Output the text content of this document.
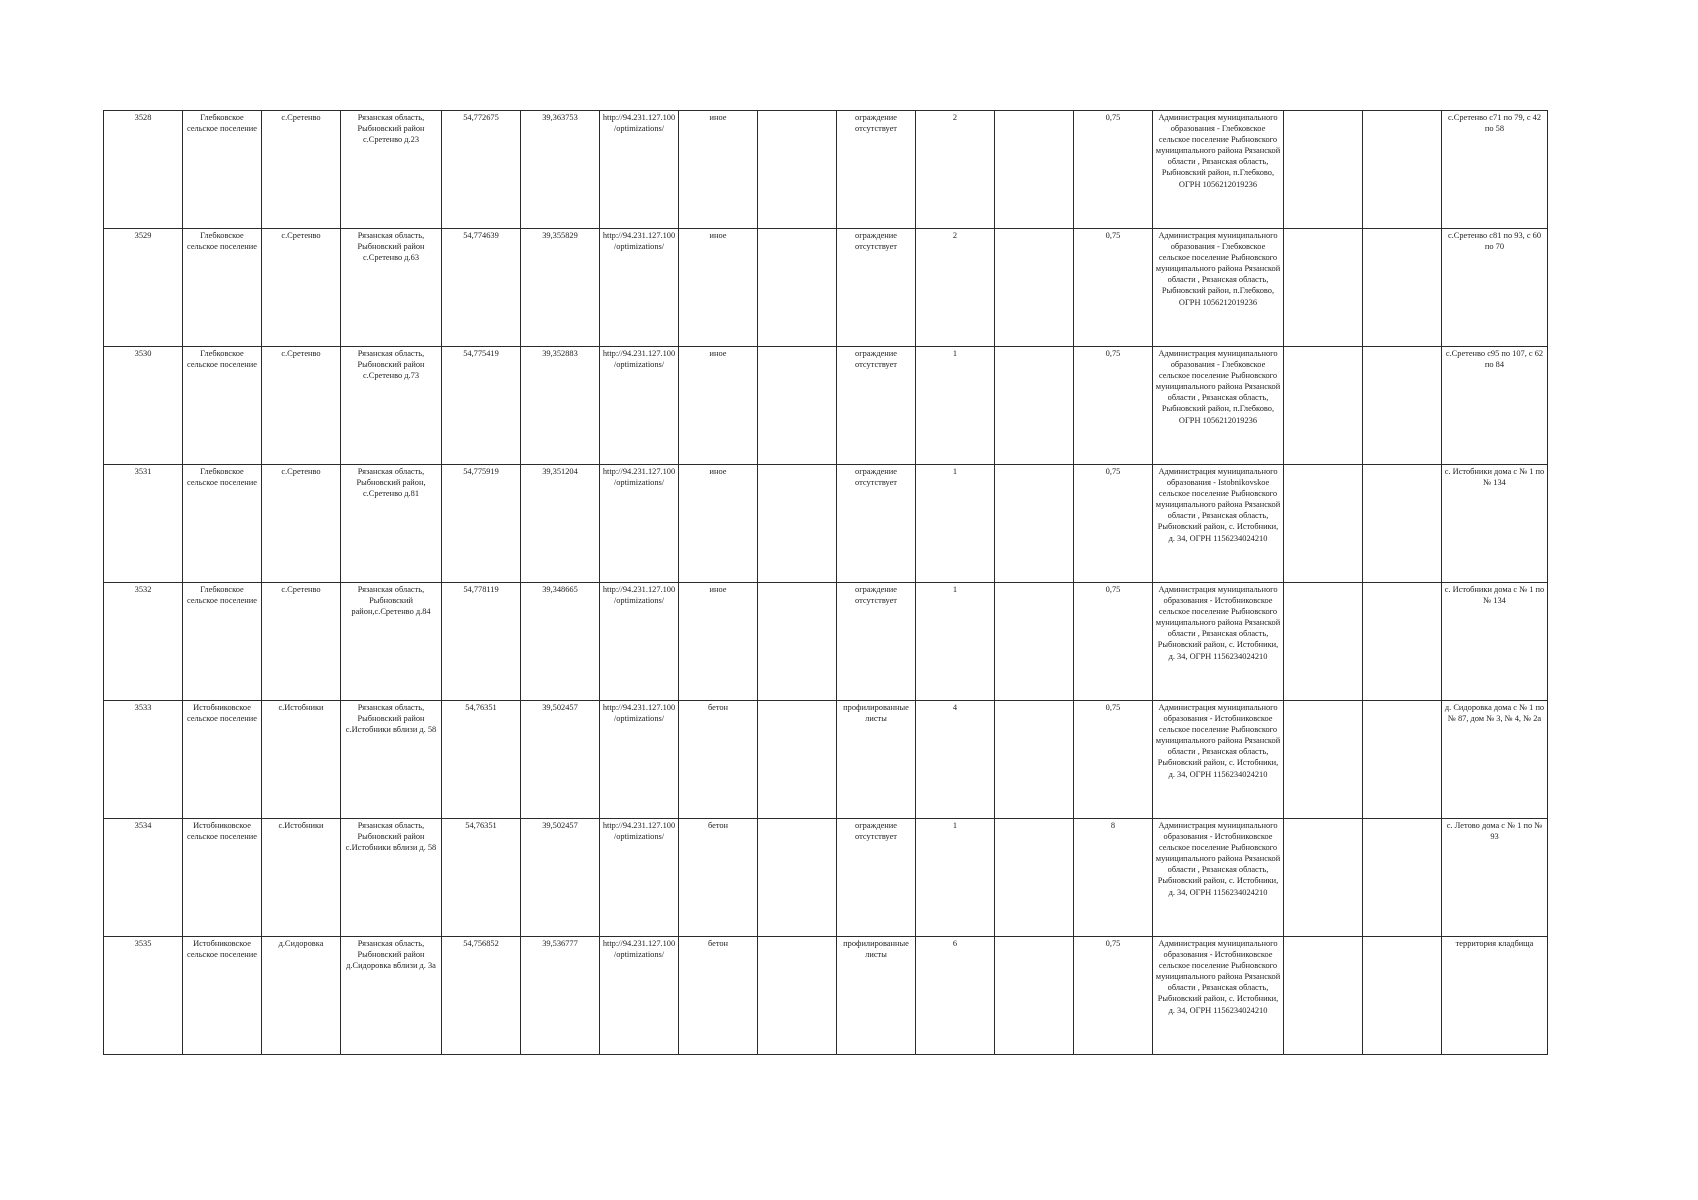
3528	Глебковское сельское поселение	с.Сретенво	Рязанская область, Рыбновский район с.Сретенво д.23	54,772675	39,363753	http://94.231.127.100/optimizations/	иное		ограждение отсутствует	2		0,75	Администрация муниципального образования - Глебковское сельское поселение Рыбновского муниципального района Рязанской области , Рязанская область, Рыбновский район, п.Глебково, ОГРН 1056212019236			с.Сретенво с71 по 79, с 42 по 58
3529	Глебковское сельское поселение	с.Сретенво	Рязанская область, Рыбновский район с.Сретенво д.63	54,774639	39,355829	http://94.231.127.100/optimizations/	иное		ограждение отсутствует	2		0,75	Администрация муниципального образования - Глебковское сельское поселение Рыбновского муниципального района Рязанской области , Рязанская область, Рыбновский район, п.Глебково, ОГРН 1056212019236			с.Сретенво с81 по 93, с 60 по 70
3530	Глебковское сельское поселение	с.Сретенво	Рязанская область, Рыбновский район с.Сретенво д.73	54,775419	39,352883	http://94.231.127.100/optimizations/	иное		ограждение отсутствует	1		0,75	Администрация муниципального образования - Глебковское сельское поселение Рыбновского муниципального района Рязанской области , Рязанская область, Рыбновский район, п.Глебково, ОГРН 1056212019236			с.Сретенво с95 по 107, с 62 по 84
3531	Глебковское сельское поселение	с.Сретенво	Рязанская область, Рыбновский район, с.Сретенво д.81	54,775919	39,351204	http://94.231.127.100/optimizations/	иное		ограждение отсутствует	1		0,75	Администрация муниципального образования - Istobnikovskoe сельское поселение Рыбновского муниципального района Рязанской области , Рязанская область, Рыбновский район, с. Истобники, д. 34, ОГРН 1156234024210			с. Истобники дома с № 1 по № 134
3532	Глебковское сельское поселение	с.Сретенво	Рязанская область, Рыбновский район,с.Сретенво д.84	54,778119	39,348665	http://94.231.127.100/optimizations/	иное		ограждение отсутствует	1		0,75	Администрация муниципального образования - Истобниковское сельское поселение Рыбновского муниципального района Рязанской области , Рязанская область, Рыбновский район, с. Истобники, д. 34, ОГРН 1156234024210			с. Истобники дома с № 1 по № 134
3533	Истобниковское сельское поселение	с.Истобники	Рязанская область, Рыбновский район с.Истобники вблизи д. 58	54,76351	39,502457	http://94.231.127.100/optimizations/	бетон		профилированные листы	4		0,75	Администрация муниципального образования - Истобниковское сельское поселение Рыбновского муниципального района Рязанской области , Рязанская область, Рыбновский район, с. Истобники, д. 34, ОГРН 1156234024210			д. Сидоровка дома с № 1 по № 87, дом № 3, № 4, № 2а
3534	Истобниковское сельское поселение	с.Истобники	Рязанская область, Рыбновский район с.Истобники вблизи д. 58	54,76351	39,502457	http://94.231.127.100/optimizations/	бетон		ограждение отсутствует	1		8	Администрация муниципального образования - Истобниковское сельское поселение Рыбновского муниципального района Рязанской области , Рязанская область, Рыбновский район, с. Истобники, д. 34, ОГРН 1156234024210			с. Летово дома с № 1 по № 93
3535	Истобниковское сельское поселение	д.Сидоровка	Рязанская область, Рыбновский район д.Сидоровка вблизи д. 3а	54,756852	39,536777	http://94.231.127.100/optimizations/	бетон		профилированные листы	6		0,75	Администрация муниципального образования - Истобниковское сельское поселение Рыбновского муниципального района Рязанской области , Рязанская область, Рыбновский район, с. Истобники, д. 34, ОГРН 1156234024210			территория кладбища
